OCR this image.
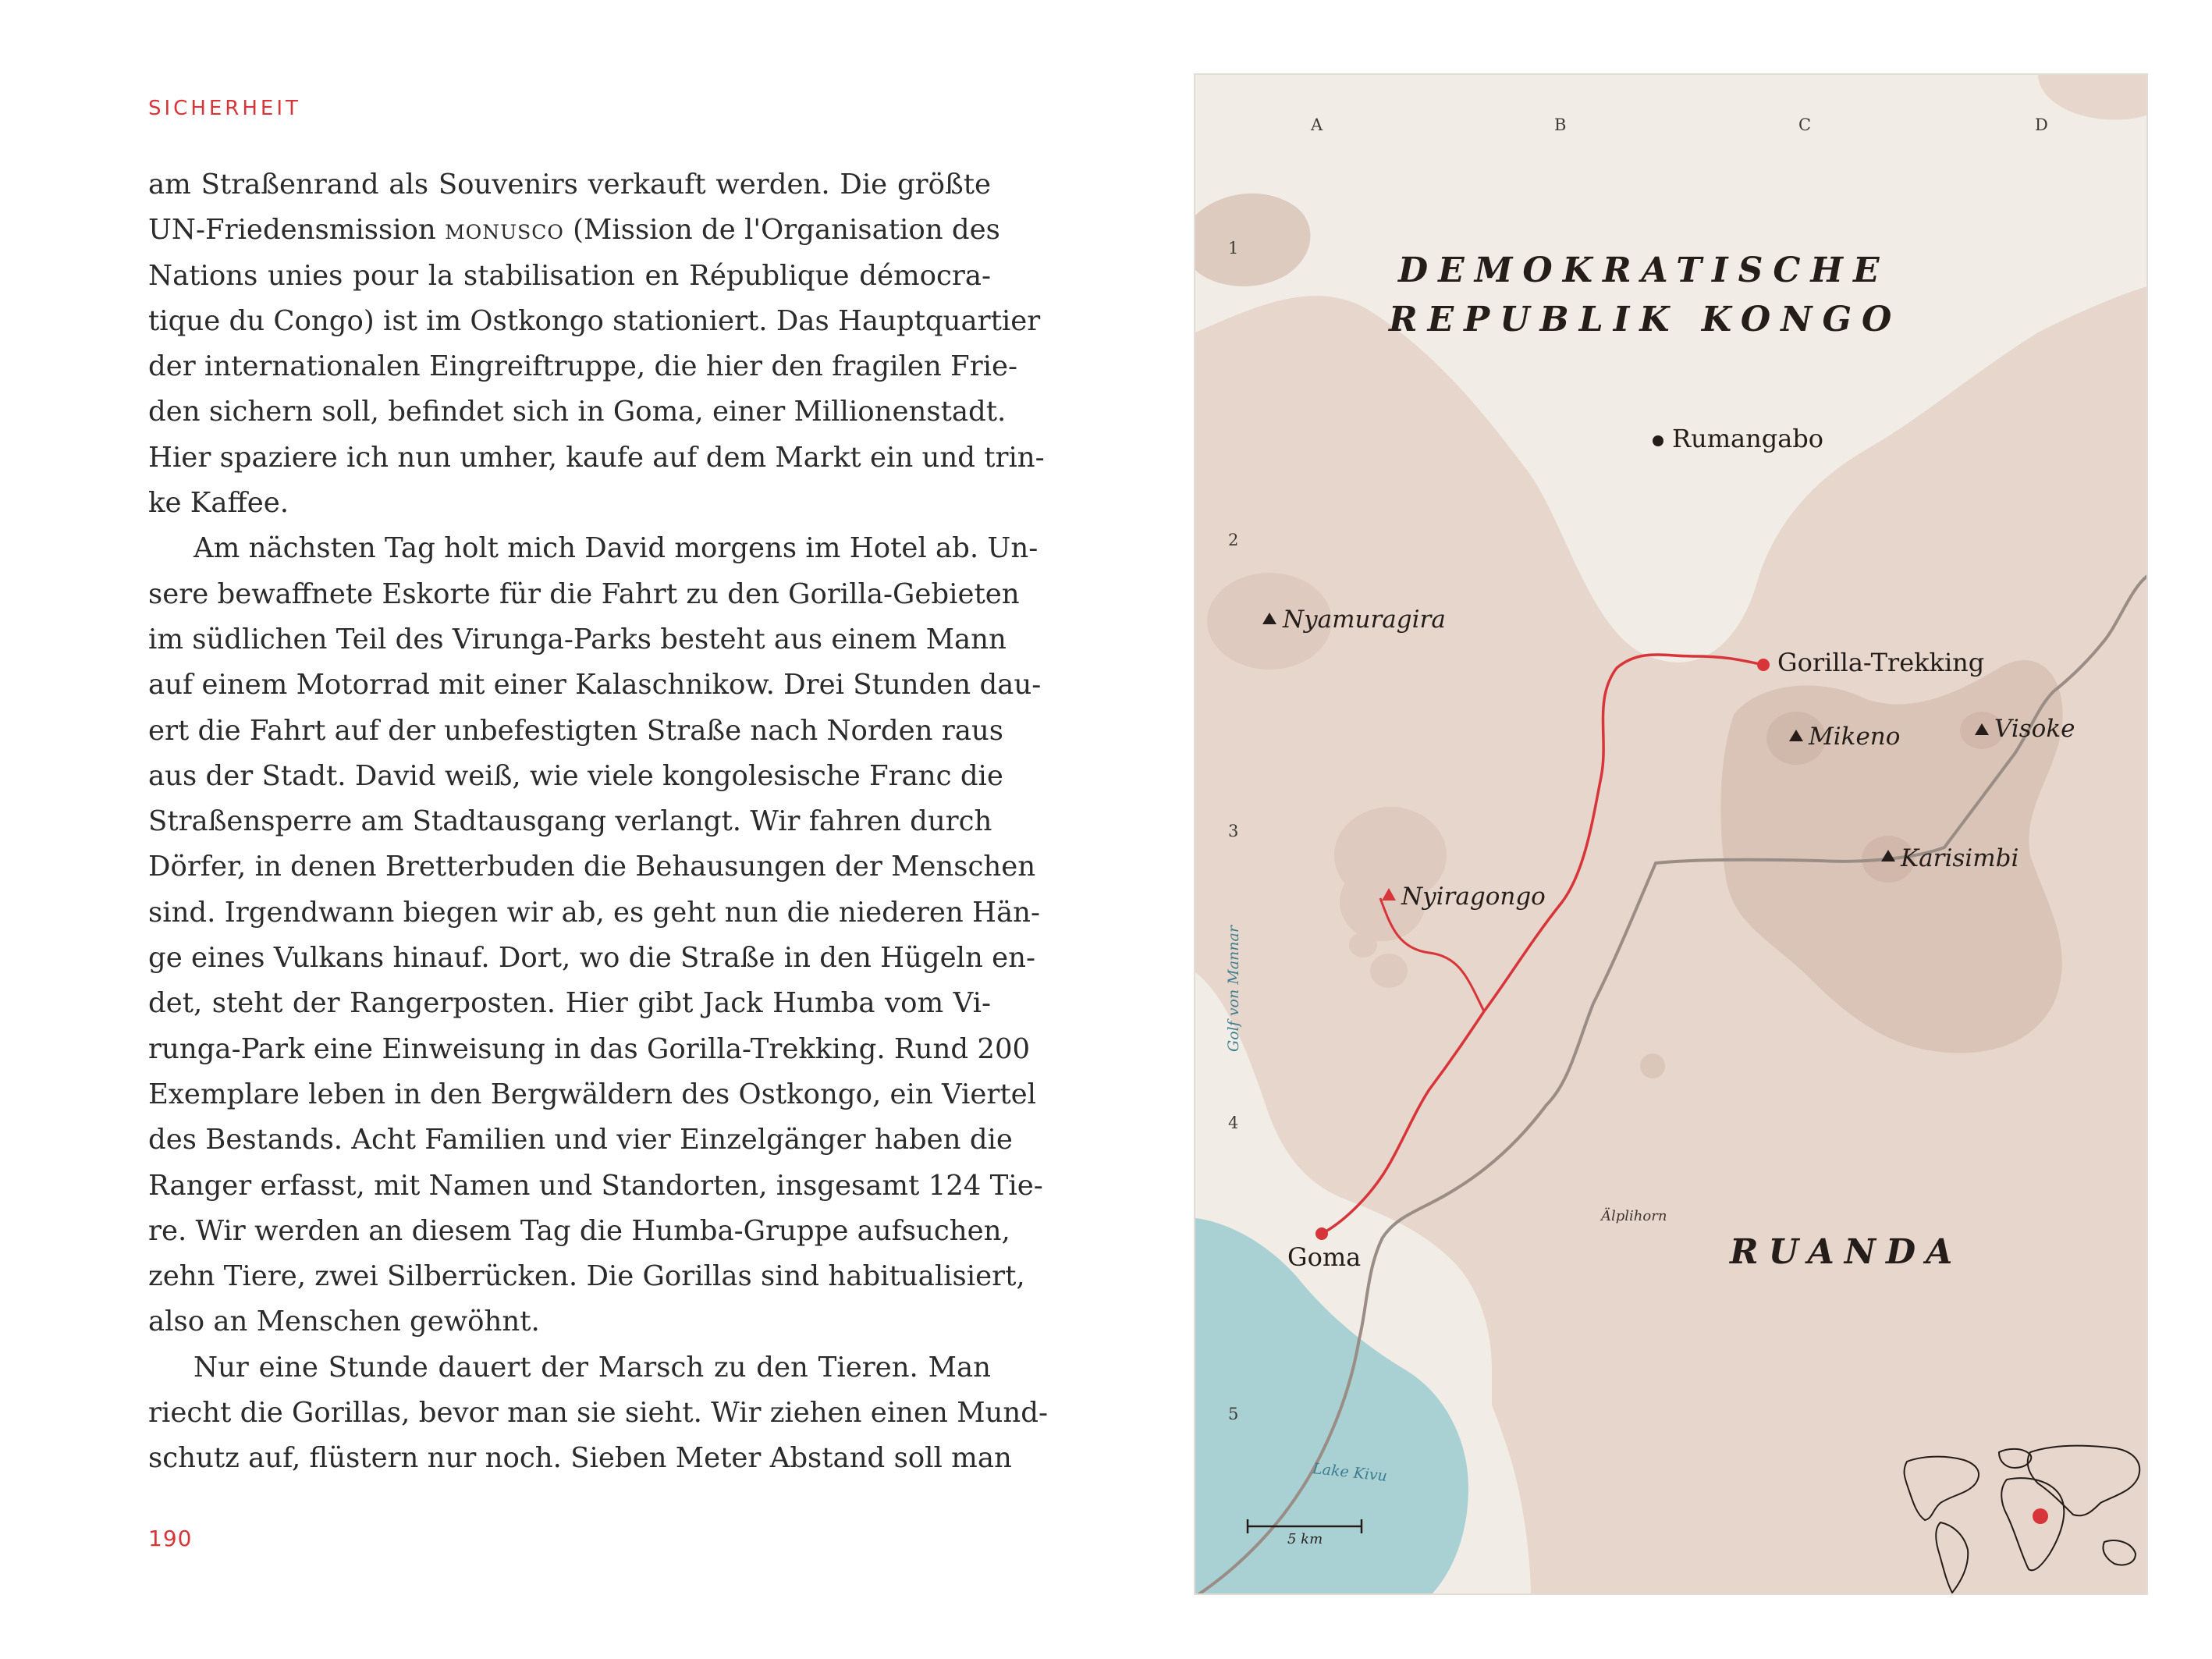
SICHERHEIT
am Straßenrand als Souvenirs verkauft werden. Die größte
UN-Friedensmission monusco (Mission de l'Organisation des
Nations unies pour la stabilisation en République démocra-
tique du Congo) ist im Ostkongo stationiert. Das Hauptquartier
der internationalen Eingreiftruppe, die hier den fragilen Frie-
den sichern soll, befindet sich in Goma, einer Millionenstadt.
Hier spaziere ich nun umher, kaufe auf dem Markt ein und trin-
ke Kaffee.
Am nächsten Tag holt mich David morgens im Hotel ab. Un-
sere bewaffnete Eskorte für die Fahrt zu den Gorilla-Gebieten
im südlichen Teil des Virunga-Parks besteht aus einem Mann
auf einem Motorrad mit einer Kalaschnikow. Drei Stunden dau-
ert die Fahrt auf der unbefestigten Straße nach Norden raus
aus der Stadt. David weiß, wie viele kongolesische Franc die
Straßensperre am Stadtausgang verlangt. Wir fahren durch
Dörfer, in denen Bretterbuden die Behausungen der Menschen
sind. Irgendwann biegen wir ab, es geht nun die niederen Hän-
ge eines Vulkans hinauf. Dort, wo die Straße in den Hügeln en-
det, steht der Rangerposten. Hier gibt Jack Humba vom Vi-
runga-Park eine Einweisung in das Gorilla-Trekking. Rund 200
Exemplare leben in den Bergwäldern des Ostkongo, ein Viertel
des Bestands. Acht Familien und vier Einzelgänger haben die
Ranger erfasst, mit Namen und Standorten, insgesamt 124 Tie-
re. Wir werden an diesem Tag die Humba-Gruppe aufsuchen,
zehn Tiere, zwei Silberrücken. Die Gorillas sind habitualisiert,
also an Menschen gewöhnt.
Nur eine Stunde dauert der Marsch zu den Tieren. Man
riecht die Gorillas, bevor man sie sieht. Wir ziehen einen Mund-
schutz auf, flüstern nur noch. Sieben Meter Abstand soll man
190
A	B	C	D
1
2
3
4
5
DEMOKRATISCHE
REPUBLIK KONGO
RUANDA
Rumangabo
Gorilla-Trekking
Goma
Nyamuragira
Nyiragongo
Mikeno	Visoke
Karisimbi
Golf von Mannar
Lake Kivu
Älplihorn
5 km
